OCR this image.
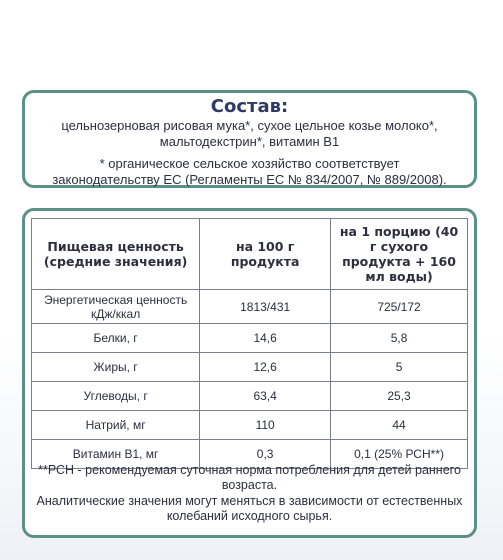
Состав:
цельнозерновая рисовая мука*, сухое цельное козье молоко*,
мальтодекстрин*, витамин B1
* органическое сельское хозяйство соответствует
законодательству ЕС (Регламенты ЕС № 834/2007, № 889/2008).
Пищевая ценность (средние значения)	на 100 г продукта	на 1 порцию (40 г сухого продукта + 160 мл воды)
Энергетическая ценность кДж/ккал	1813/431	725/172
Белки, г	14,6	5,8
Жиры, г	12,6	5
Углеводы, г	63,4	25,3
Натрий, мг	110	44
Витамин B1, мг	0,3	0,1 (25% РСН**)
**РСН - рекомендуемая суточная норма потребления для детей раннего возраста.
Аналитические значения могут меняться в зависимости от естественных колебаний исходного сырья.
